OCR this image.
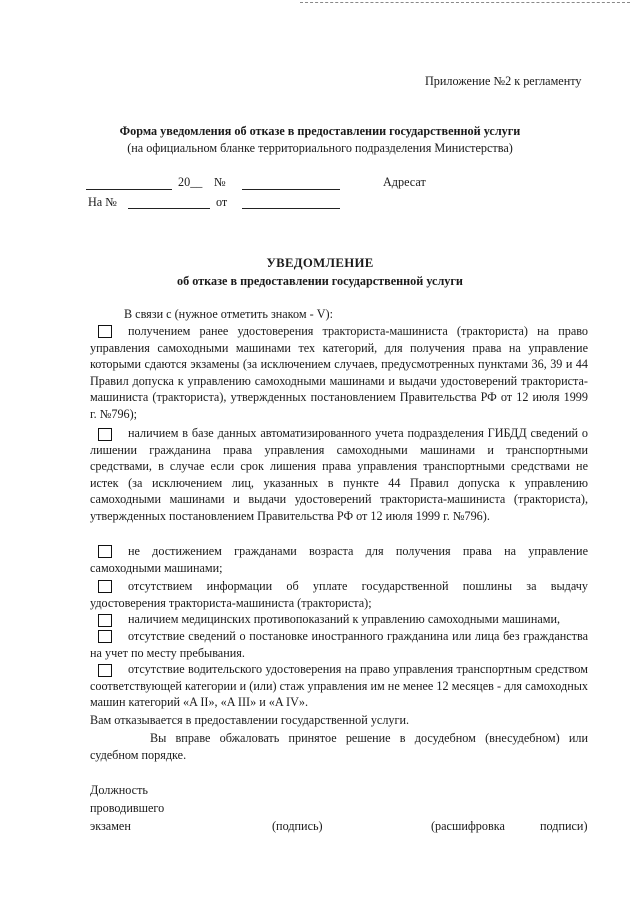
Приложение №2 к регламенту
Форма уведомления об отказе в предоставлении государственной услуги
(на официальном бланке территориального подразделения Министерства)
20__ №	Адресат
На №	от
УВЕДОМЛЕНИЕ
об отказе в предоставлении государственной услуги
В связи с (нужное отметить знаком - V):
получением ранее удостоверения тракториста-машиниста (тракториста) на право управления самоходными машинами тех категорий, для получения права на управление которыми сдаются экзамены (за исключением случаев, предусмотренных пунктами 36, 39 и 44 Правил допуска к управлению самоходными машинами и выдачи удостоверений тракториста-машиниста (тракториста), утвержденных постановлением Правительства РФ от 12 июля 1999 г. №796);
наличием в базе данных автоматизированного учета подразделения ГИБДД сведений о лишении гражданина права управления самоходными машинами и транспортными средствами, в случае если срок лишения права управления транспортными средствами не истек (за исключением лиц, указанных в пункте 44 Правил допуска к управлению самоходными машинами и выдачи удостоверений тракториста-машиниста (тракториста), утвержденных постановлением Правительства РФ от 12 июля 1999 г. №796).
не достижением гражданами возраста для получения права на управление самоходными машинами;
отсутствием информации об уплате государственной пошлины за выдачу удостоверения тракториста-машиниста (тракториста);
наличием медицинских противопоказаний к управлению самоходными машинами,
отсутствие сведений о постановке иностранного гражданина или лица без гражданства на учет по месту пребывания.
отсутствие водительского удостоверения на право управления транспортным средством соответствующей категории и (или) стаж управления им не менее 12 месяцев - для самоходных машин категорий «A II», «A III» и «A IV».
Вам отказывается в предоставлении государственной услуги.
Вы вправе обжаловать принятое решение в досудебном (внесудебном) или судебном порядке.
Должность
проводившего
экзамен	(подпись)	(расшифровка	подписи)
